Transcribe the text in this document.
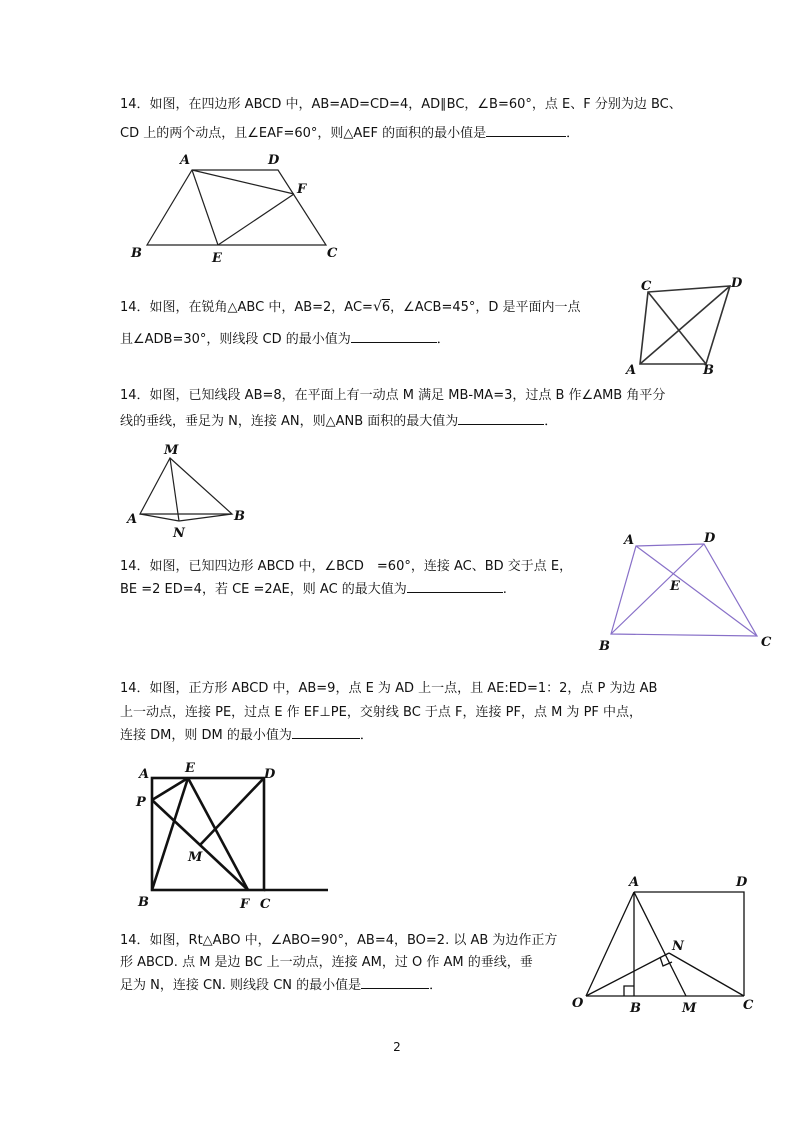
14．如图，在四边形 ABCD 中，AB=AD=CD=4，AD∥BC，∠B=60°，点 E、F 分别为边 BC、

CD 上的两个动点，且∠EAF=60°，则△AEF 的面积的最小值是	．

A	D
F
B	E	C

14．如图，在锐角△ABC 中，AB=2，AC=√6，∠ACB=45°，D 是平面内一点

且∠ADB=30°，则线段 CD 的最小值为	．

C	D
A	B

14．如图，已知线段 AB=8，在平面上有一动点 M 满足 MB-MA=3，过点 B 作∠AMB 角平分

线的垂线，垂足为 N，连接 AN，则△ANB 面积的最大值为	．

M
A	B
N

14．如图，已知四边形 ABCD 中，∠BCD　=60°，连接 AC、BD 交于点 E，

BE =2 ED=4，若 CE =2AE，则 AC 的最大值为	.

A	D
E
B	C

14．如图，正方形 ABCD 中，AB=9，点 E 为 AD 上一点，且 AE:ED=1：2，点 P 为边 AB

上一动点，连接 PE，过点 E 作 EF⊥PE，交射线 BC 于点 F，连接 PF，点 M 为 PF 中点，

连接 DM，则 DM 的最小值为	．

A	E	D
P
M
B	F C

14．如图，Rt△ABO 中，∠ABO=90°，AB=4，BO=2. 以 AB 为边作正方

形 ABCD. 点 M 是边 BC 上一动点，连接 AM，过 O 作 AM 的垂线，垂

足为 N，连接 CN. 则线段 CN 的最小值是	．

A	D
N
O	B	M	C
2
